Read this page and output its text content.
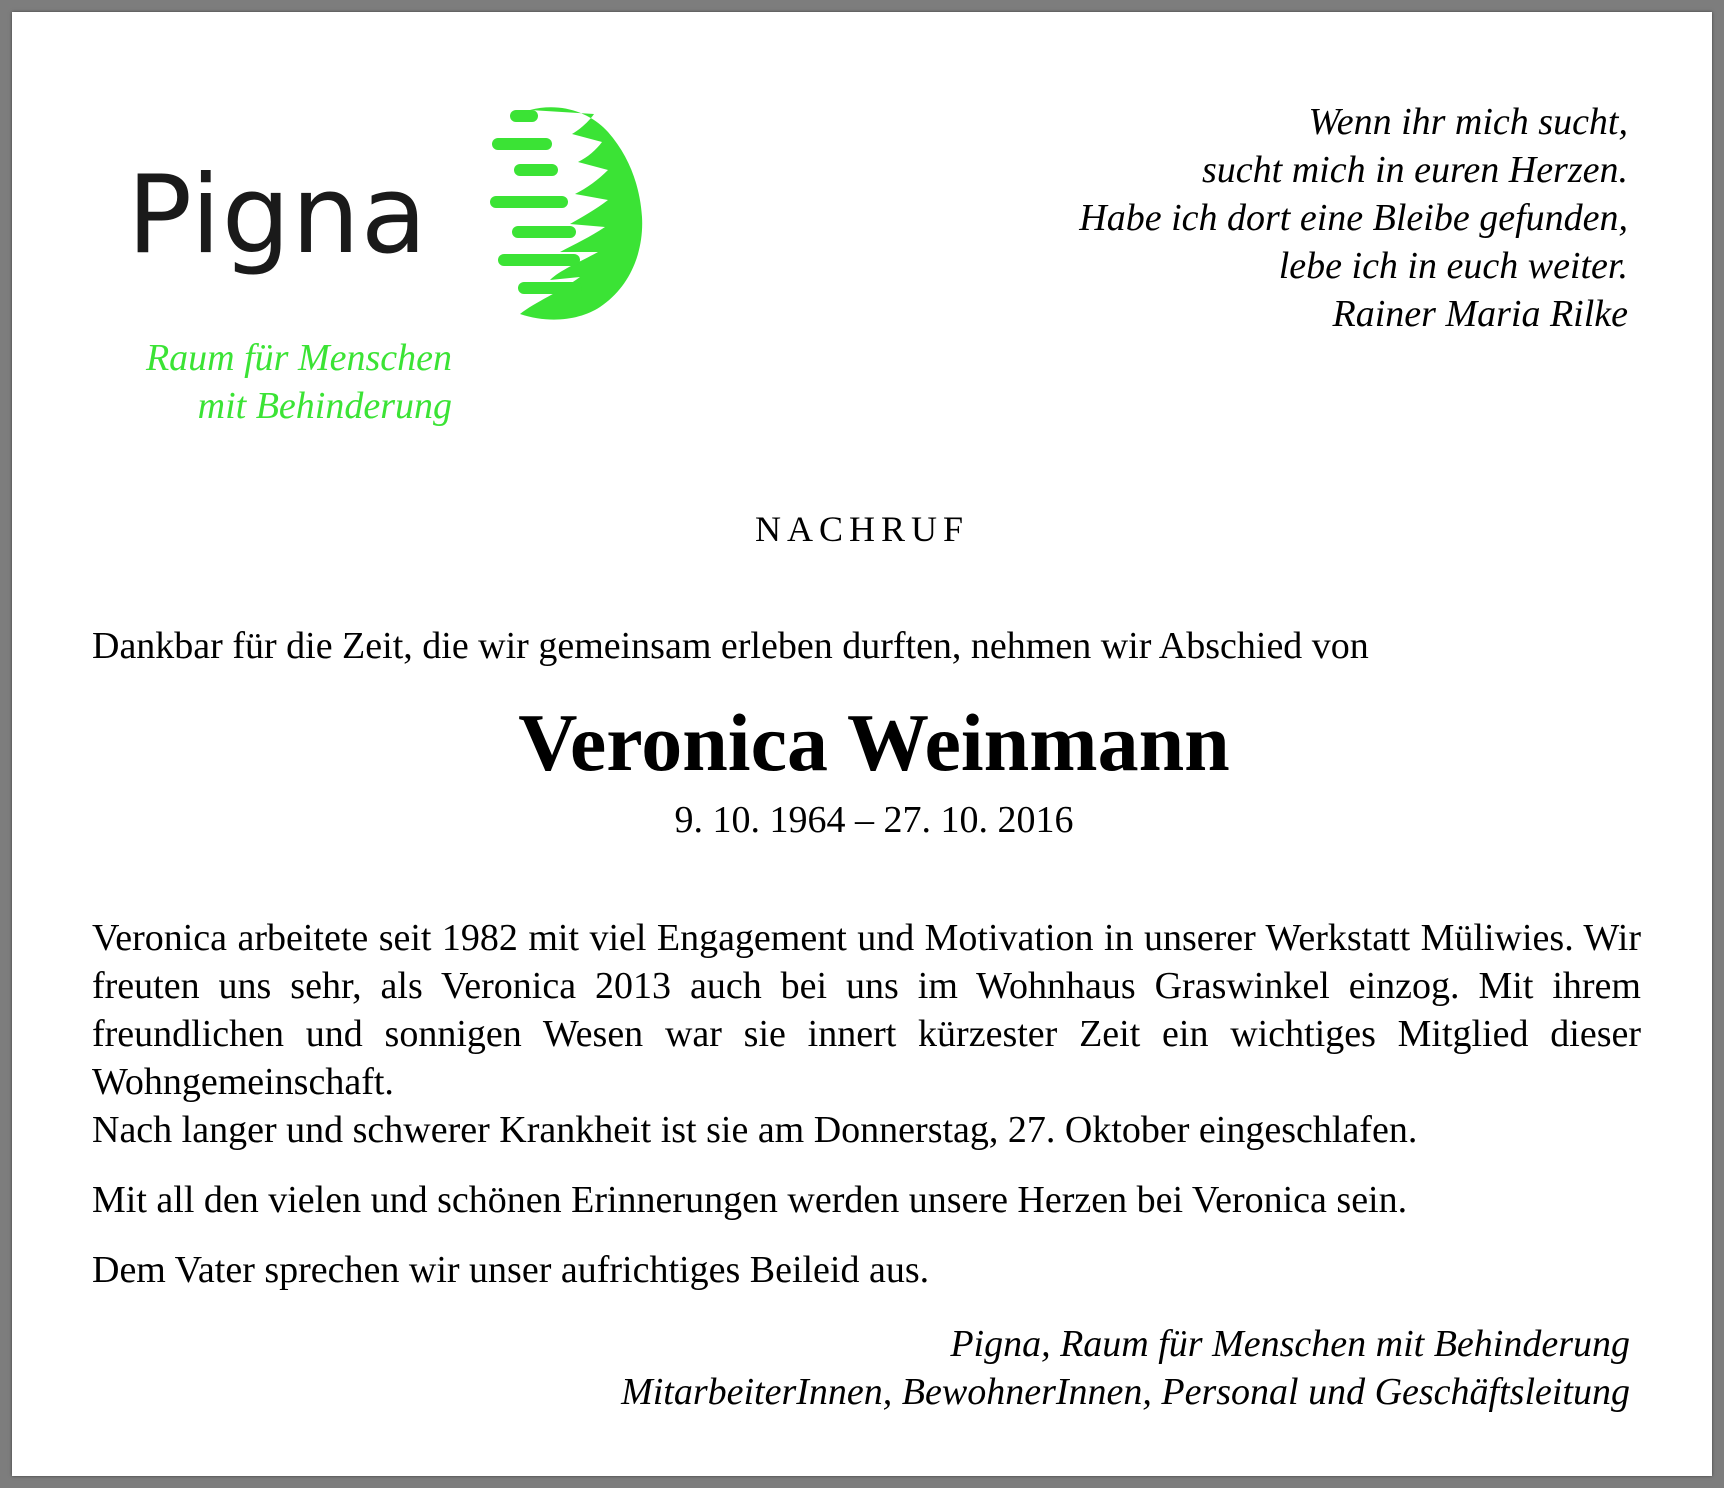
Pigna
Raum für Menschen
mit Behinderung
Wenn ihr mich sucht,
sucht mich in euren Herzen.
Habe ich dort eine Bleibe gefunden,
lebe ich in euch weiter.
Rainer Maria Rilke
NACHRUF
Dankbar für die Zeit, die wir gemeinsam erleben durften, nehmen wir Abschied von
Veronica Weinmann
9. 10. 1964 – 27. 10. 2016
Veronica arbeitete seit 1982 mit viel Engagement und Motivation in unserer Werkstatt Müliwies. Wir freuten uns sehr, als Veronica 2013 auch bei uns im Wohnhaus Graswinkel einzog. Mit ihrem freundlichen und sonnigen Wesen war sie innert kürzester Zeit ein wichtiges Mitglied dieser Wohngemeinschaft.
Nach langer und schwerer Krankheit ist sie am Donnerstag, 27. Oktober eingeschlafen.
Mit all den vielen und schönen Erinnerungen werden unsere Herzen bei Veronica sein.
Dem Vater sprechen wir unser aufrichtiges Beileid aus.
Pigna, Raum für Menschen mit Behinderung
MitarbeiterInnen, BewohnerInnen, Personal und Geschäftsleitung
